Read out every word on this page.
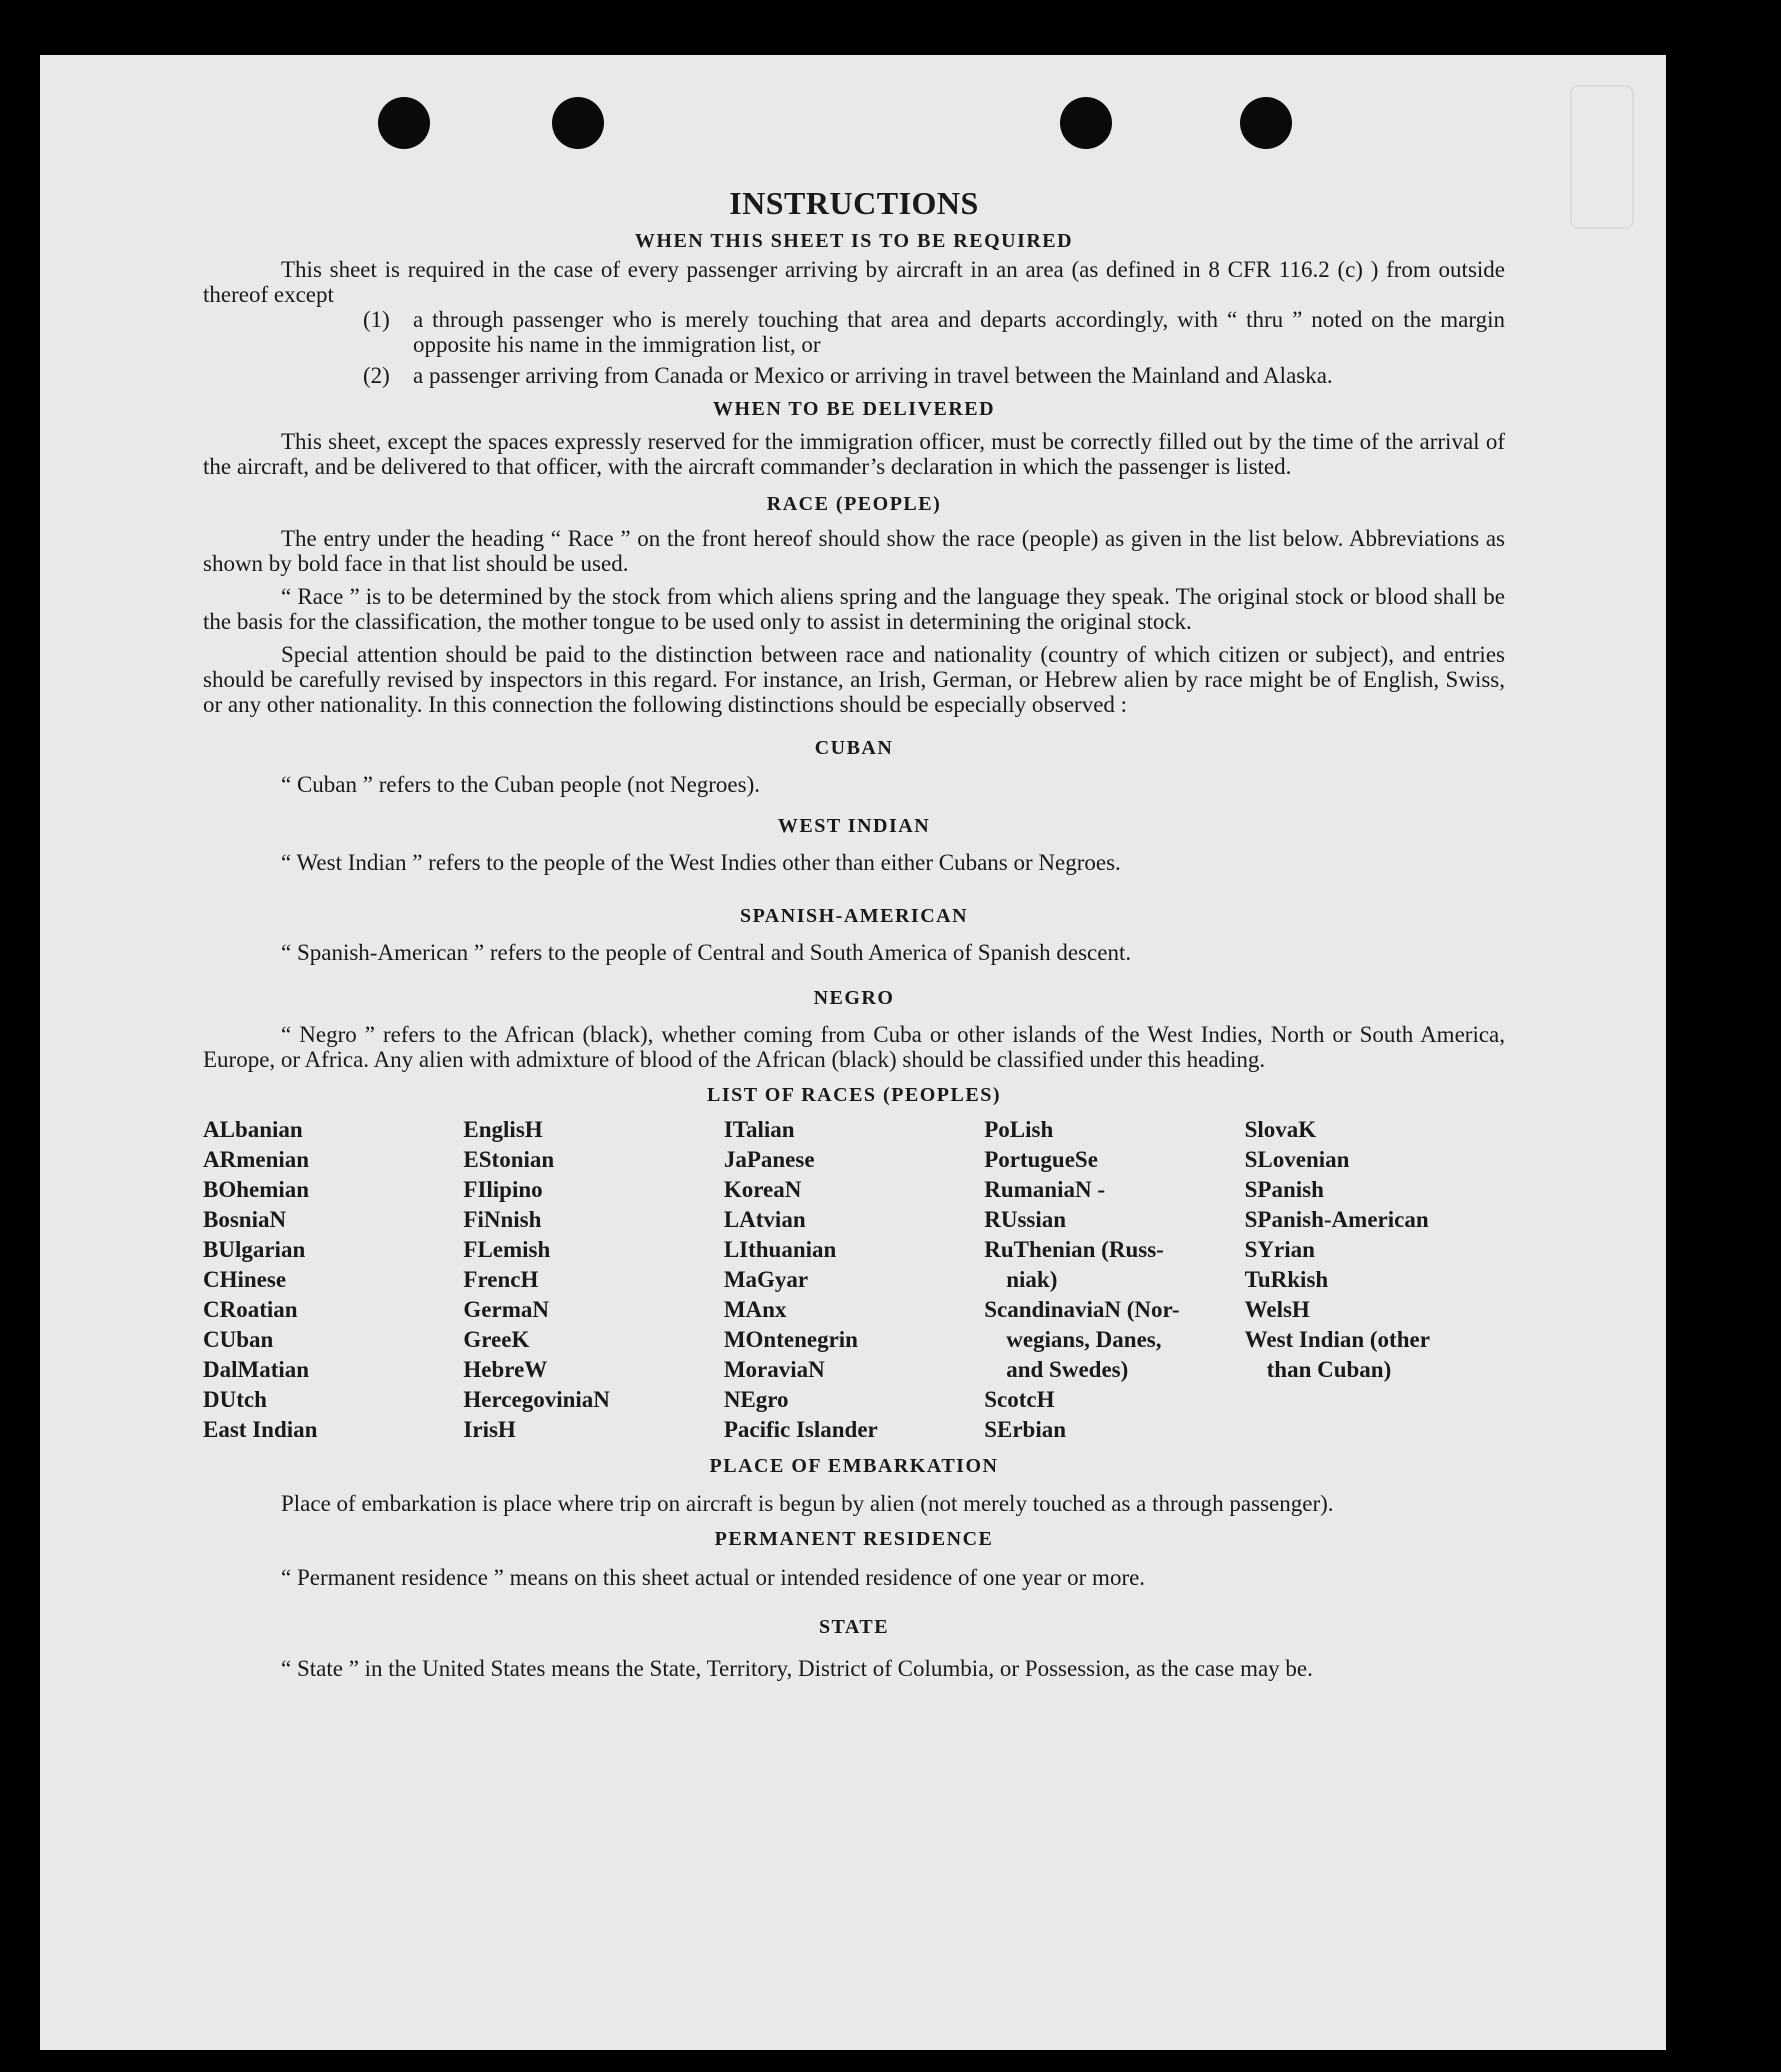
INSTRUCTIONS
WHEN THIS SHEET IS TO BE REQUIRED

This sheet is required in the case of every passenger arriving by aircraft in an area (as defined in 8 CFR 116.2 (c) ) from outside thereof except

(1)	a through passenger who is merely touching that area and departs accordingly, with “ thru ” noted on the margin opposite his name in the immigration list, or
(2)	a passenger arriving from Canada or Mexico or arriving in travel between the Mainland and Alaska.
WHEN TO BE DELIVERED

This sheet, except the spaces expressly reserved for the immigration officer, must be correctly filled out by the time of the arrival of the aircraft, and be delivered to that officer, with the aircraft commander’s declaration in which the passenger is listed.

RACE (PEOPLE)

The entry under the heading “ Race ” on the front hereof should show the race (people) as given in the list below. Abbreviations as shown by bold face in that list should be used.

“ Race ” is to be determined by the stock from which aliens spring and the language they speak. The original stock or blood shall be the basis for the classification, the mother tongue to be used only to assist in determining the original stock.

Special attention should be paid to the distinction between race and nationality (country of which citizen or subject), and entries should be carefully revised by inspectors in this regard. For instance, an Irish, German, or Hebrew alien by race might be of English, Swiss, or any other nationality. In this connection the following distinctions should be especially observed :

CUBAN

“ Cuban ” refers to the Cuban people (not Negroes).

WEST INDIAN

“ West Indian ” refers to the people of the West Indies other than either Cubans or Negroes.

SPANISH-AMERICAN

“ Spanish-American ” refers to the people of Central and South America of Spanish descent.

NEGRO

“ Negro ” refers to the African (black), whether coming from Cuba or other islands of the West Indies, North or South America, Europe, or Africa. Any alien with admixture of blood of the African (black) should be classified under this heading.

LIST OF RACES (PEOPLES)
ALbanian
ARmenian
BOhemian
BosniaN
BUlgarian
CHinese
CRoatian
CUban
DalMatian
DUtch
East Indian
EnglisH
EStonian
FIlipino
FiNnish
FLemish
FrencH
GermaN
GreeK
HebreW
HercegoviniaN
IrisH
ITalian
JaPanese
KoreaN
LAtvian
LIthuanian
MaGyar
MAnx
MOntenegrin
MoraviaN
NEgro
Pacific Islander
PoLish
PortugueSe
RumaniaN -
RUssian
RuThenian (Russ-
niak)
ScandinaviaN (Nor-
wegians, Danes,
and Swedes)
ScotcH
SErbian
SlovaK
SLovenian
SPanish
SPanish-American
SYrian
TuRkish
WelsH
West Indian (other
than Cuban)
PLACE OF EMBARKATION

Place of embarkation is place where trip on aircraft is begun by alien (not merely touched as a through passenger).

PERMANENT RESIDENCE

“ Permanent residence ” means on this sheet actual or intended residence of one year or more.

STATE

“ State ” in the United States means the State, Territory, District of Columbia, or Possession, as the case may be.
